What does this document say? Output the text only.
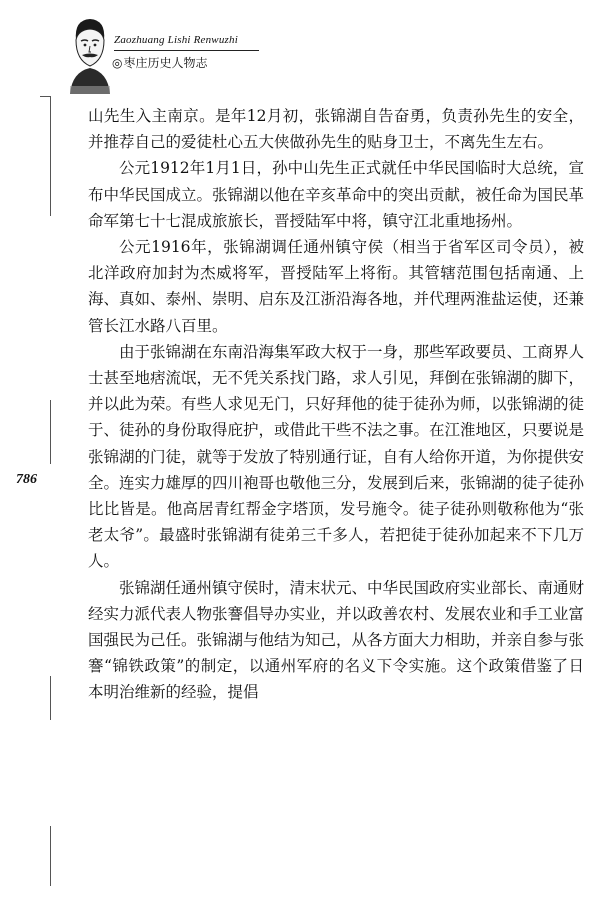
Zaozhuang Lishi Renwuzhi
◎枣庄历史人物志
786

山先生入主南京。是年12月初，张锦湖自告奋勇，负责孙先生的安全，并推荐自己的爱徒杜心五大侠做孙先生的贴身卫士，不离先生左右。

公元1912年1月1日，孙中山先生正式就任中华民国临时大总统，宣布中华民国成立。张锦湖以他在辛亥革命中的突出贡献，被任命为国民革命军第七十七混成旅旅长，晋授陆军中将，镇守江北重地扬州。

公元1916年，张锦湖调任通州镇守侯（相当于省军区司令员），被北洋政府加封为杰威将军，晋授陆军上将衔。其管辖范围包括南通、上海、真如、泰州、崇明、启东及江浙沿海各地，并代理两淮盐运使，还兼管长江水路八百里。

由于张锦湖在东南沿海集军政大权于一身，那些军政要员、工商界人士甚至地痞流氓，无不凭关系找门路，求人引见，拜倒在张锦湖的脚下，并以此为荣。有些人求见无门，只好拜他的徒于徒孙为师，以张锦湖的徒于、徒孙的身份取得庇护，或借此干些不法之事。在江淮地区，只要说是张锦湖的门徒，就等于发放了特别通行证，自有人给你开道，为你提供安全。连实力雄厚的四川袍哥也敬他三分，发展到后来，张锦湖的徒子徒孙比比皆是。他高居青红帮金字塔顶，发号施令。徒子徒孙则敬称他为“张老太爷”。最盛时张锦湖有徒弟三千多人，若把徒于徒孙加起来不下几万人。

张锦湖任通州镇守侯时，清末状元、中华民国政府实业部长、南通财经实力派代表人物张謇倡导办实业，并以政善农村、发展农业和手工业富国强民为己任。张锦湖与他结为知己，从各方面大力相助，并亲自参与张謇“锦铁政策”的制定，以通州军府的名义下令实施。这个政策借鉴了日本明治维新的经验，提倡
